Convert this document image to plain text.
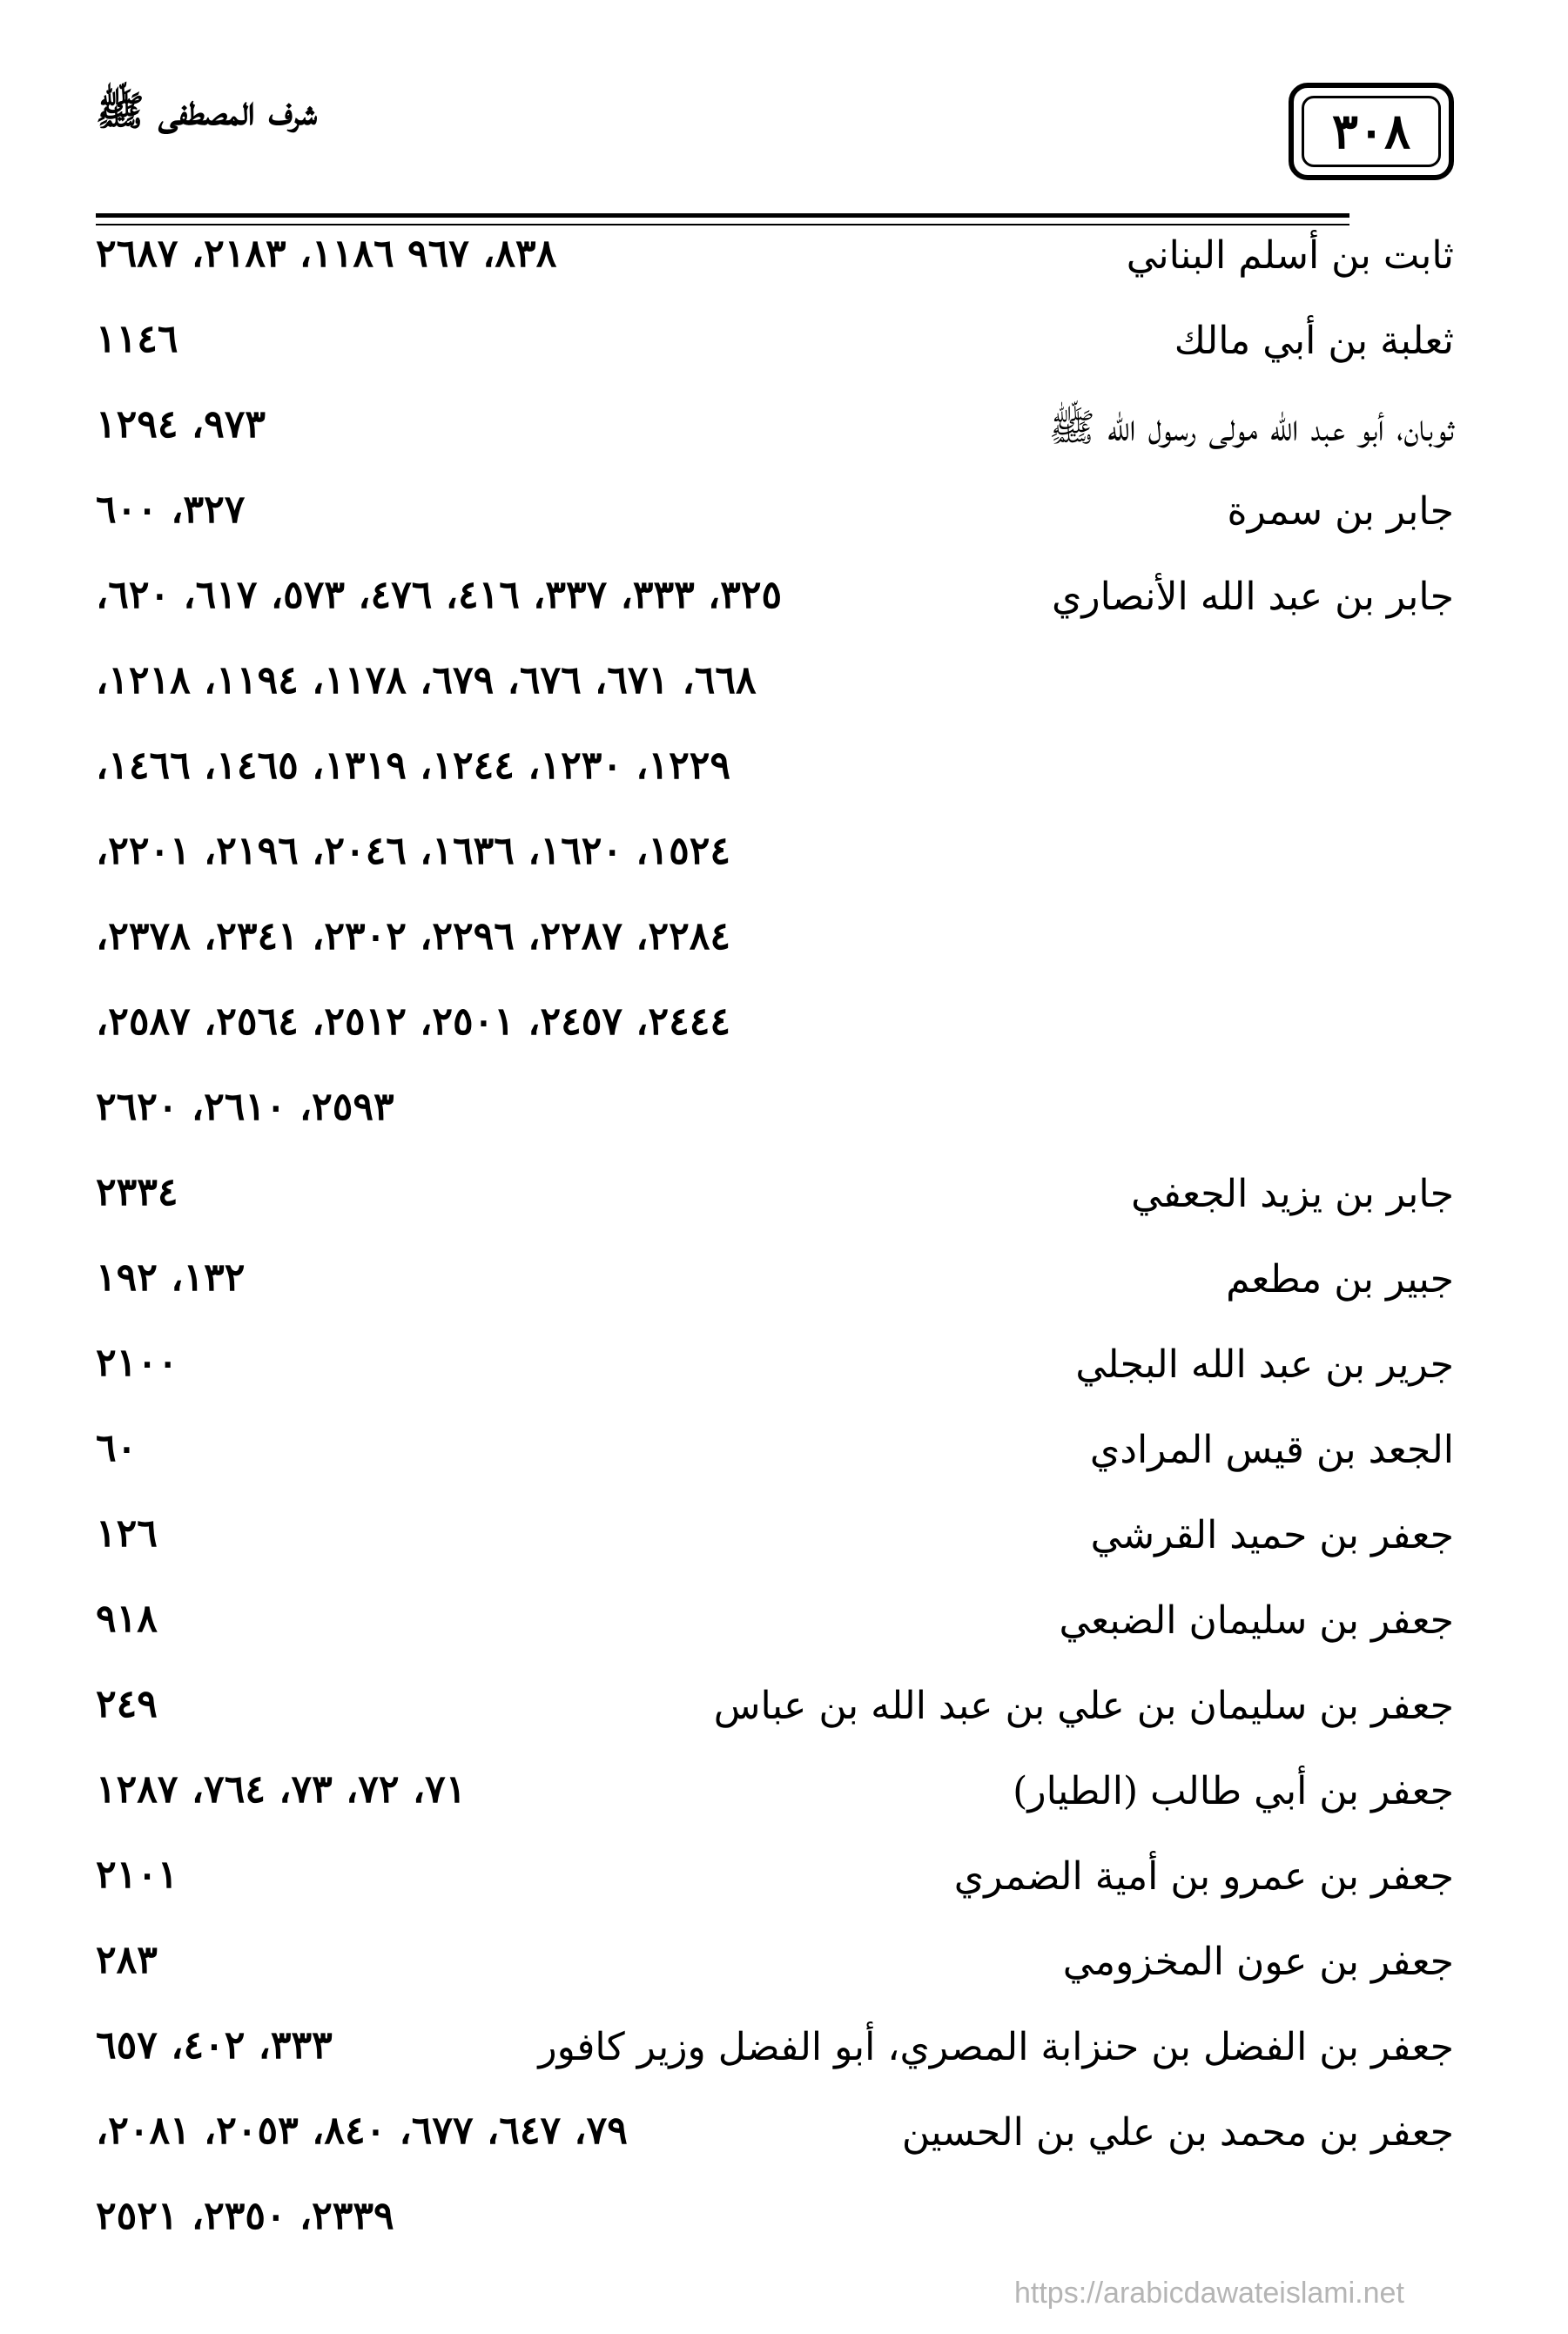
شرف المصطفى ﷺ	٣٠٨
ثابت بن أسلم البناني
٨٣٨، ٩٦٧ ١١٨٦، ٢١٨٣، ٢٦٨٧
ثعلبة بن أبي مالك
١١٤٦
ثوبان، أبو عبد الله مولى رسول الله ﷺ
٩٧٣، ١٢٩٤
جابر بن سمرة
٣٢٧، ٦٠٠
جابر بن عبد الله الأنصاري
٣٢٥، ٣٣٣، ٣٣٧، ٤١٦، ٤٧٦، ٥٧٣، ٦١٧، ٦٢٠،
٦٦٨، ٦٧١، ٦٧٦، ٦٧٩، ١١٧٨، ١١٩٤، ١٢١٨،
١٢٢٩، ١٢٣٠، ١٢٤٤، ١٣١٩، ١٤٦٥، ١٤٦٦،
١٥٢٤، ١٦٢٠، ١٦٣٦، ٢٠٤٦، ٢١٩٦، ٢٢٠١،
٢٢٨٤، ٢٢٨٧، ٢٢٩٦، ٢٣٠٢، ٢٣٤١، ٢٣٧٨،
٢٤٤٤، ٢٤٥٧، ٢٥٠١، ٢٥١٢، ٢٥٦٤، ٢٥٨٧،
٢٥٩٣، ٢٦١٠، ٢٦٢٠
جابر بن يزيد الجعفي
٢٣٣٤
جبير بن مطعم
١٣٢، ١٩٢
جرير بن عبد الله البجلي
٢١٠٠
الجعد بن قيس المرادي
٦٠
جعفر بن حميد القرشي
١٢٦
جعفر بن سليمان الضبعي
٩١٨
جعفر بن سليمان بن علي بن عبد الله بن عباس
٢٤٩
جعفر بن أبي طالب (الطيار)
٧١، ٧٢، ٧٣، ٧٦٤، ١٢٨٧
جعفر بن عمرو بن أمية الضمري
٢١٠١
جعفر بن عون المخزومي
٢٨٣
جعفر بن الفضل بن حنزابة المصري، أبو الفضل وزير كافور
٣٣٣، ٤٠٢، ٦٥٧
جعفر بن محمد بن علي بن الحسين
٧٩، ٦٤٧، ٦٧٧، ٨٤٠، ٢٠٥٣، ٢٠٨١،
٢٣٣٩، ٢٣٥٠، ٢٥٢١
https://arabicdawateislami.net
